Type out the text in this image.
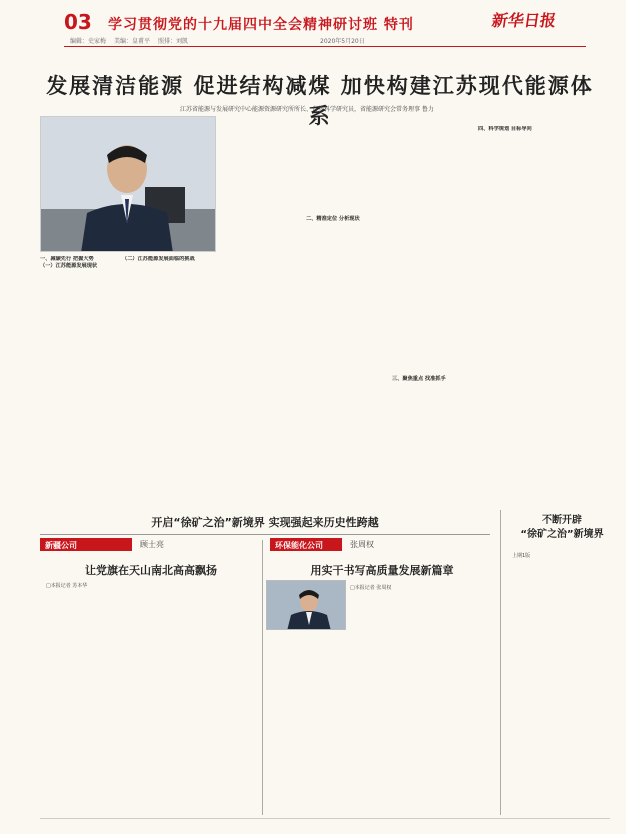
03 学习贯彻党的十九届四中全会精神研讨班 特刊	新华日报
编辑：史家梅 美编：皇甫平 照排：刘凯	2020年5月20日
发展清洁能源 促进结构减煤 加快构建江苏现代能源体系
江苏省能源与发展研究中心能源资源研究所所长、自然科学研究员，省能源研究会常务理事 鲁力
一、减碳先行 把握大势
（一）江苏能源发展现状
（二）江苏能源发展面临的挑战
二、精准定位 分析现状
三、聚焦重点 找准抓手
四、科学规划 目标导向
开启“徐矿之治”新境界 实现强起来历史性跨越
新疆公司	顾士亮	环保能化公司	张周权
让党旗在天山南北高高飘扬
□本报记者 苏本华
用实干书写高质量发展新篇章
□本报记者 张周权
不断开辟
“徐矿之治”新境界
上期1版
